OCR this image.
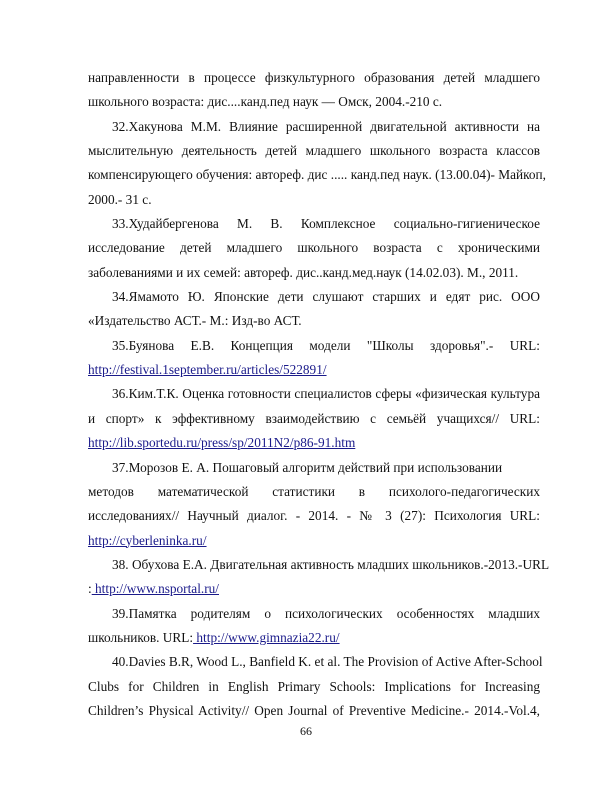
направленности в процессе физкультурного образования детей младшего
школьного возраста: дис....канд.пед наук — Омск, 2004.-210 с.
32.Хакунова М.М. Влияние расширенной двигательной активности на
мыслительную деятельность детей младшего школьного возраста классов
компенсирующего обучения: автореф. дис ..... канд.пед наук. (13.00.04)- Майкоп,
2000.- 31 с.
33.Худайбергенова М. В. Комплексное социально-гигиеническое
исследование детей младшего школьного возраста с хроническими
заболеваниями и их семей: автореф. дис..канд.мед.наук (14.02.03). М., 2011.
34.Ямамото Ю. Японские дети слушают старших и едят рис. ООО
«Издательство АСТ.- М.: Изд-во АСТ.
35.Буянова Е.В. Концепция модели "Школы здоровья".- URL:
http://festival.1september.ru/articles/522891/
36.Ким.Т.К. Оценка готовности специалистов сферы «физическая культура
и спорт» к эффективному взаимодействию с семьёй учащихся// URL:
http://lib.sportedu.ru/press/sp/2011N2/p86-91.htm
37.Морозов Е. А. Пошаговый алгоритм действий при использовании
методов математической статистики в психолого-педагогических
исследованиях// Научный диалог. - 2014. - № 3 (27): Психология URL:
http://cyberleninka.ru/
38. Обухова Е.А. Двигательная активность младших школьников.-2013.-URL
: http://www.nsportal.ru/
39.Памятка родителям о психологических особенностях младших
школьников. URL: http://www.gimnazia22.ru/
40.Davies B.R, Wood L., Banfield K. et al. The Provision of Active After-School
Clubs for Children in English Primary Schools: Implications for Increasing
Children’s Physical Activity// Open Journal of Preventive Medicine.- 2014.-Vol.4,
66
